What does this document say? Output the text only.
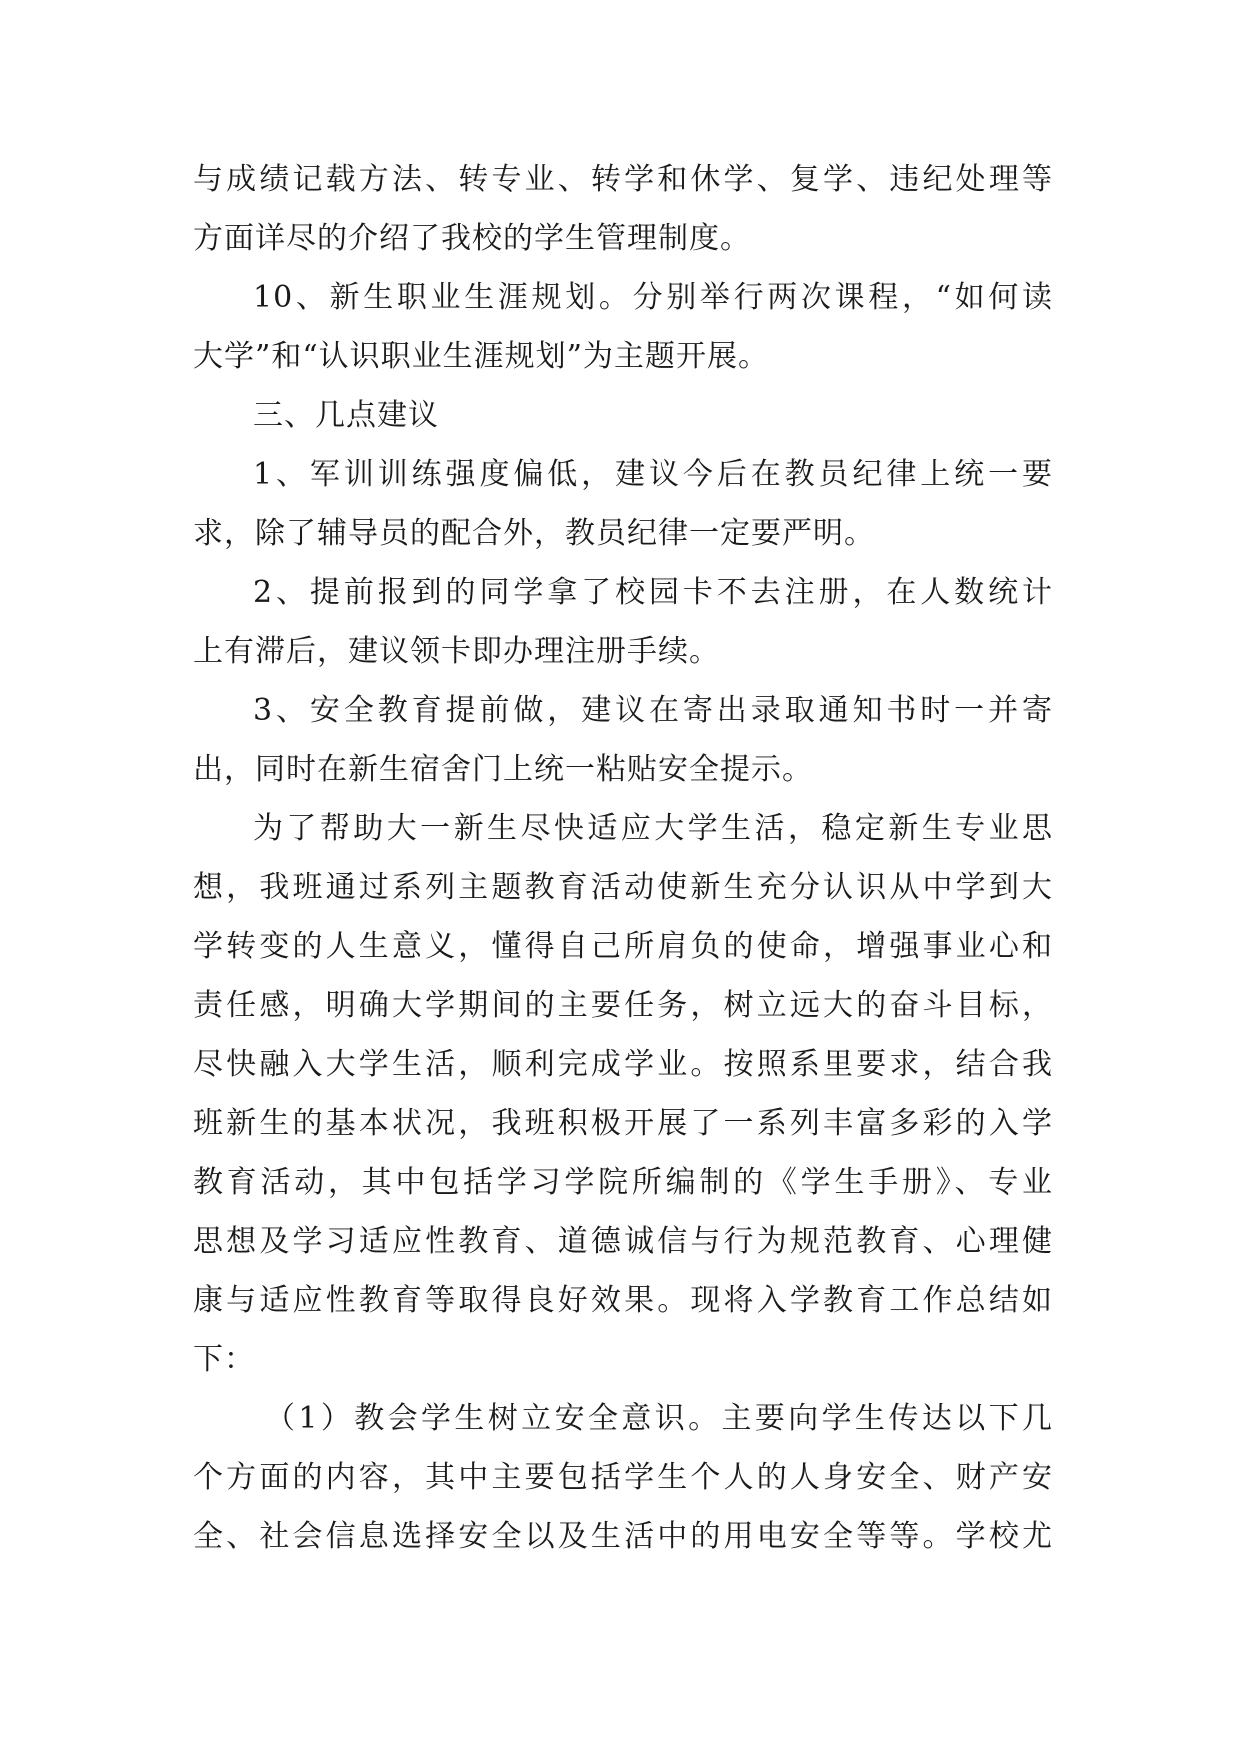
与成绩记载方法、转专业、转学和休学、复学、违纪处理等
方面详尽的介绍了我校的学生管理制度。
10、新生职业生涯规划。分别举行两次课程，“如何读
大学”和“认识职业生涯规划”为主题开展。
三、几点建议
1、军训训练强度偏低，建议今后在教员纪律上统一要
求，除了辅导员的配合外，教员纪律一定要严明。
2、提前报到的同学拿了校园卡不去注册，在人数统计
上有滞后，建议领卡即办理注册手续。
3、安全教育提前做，建议在寄出录取通知书时一并寄
出，同时在新生宿舍门上统一粘贴安全提示。
为了帮助大一新生尽快适应大学生活，稳定新生专业思
想，我班通过系列主题教育活动使新生充分认识从中学到大
学转变的人生意义，懂得自己所肩负的使命，增强事业心和
责任感，明确大学期间的主要任务，树立远大的奋斗目标，
尽快融入大学生活，顺利完成学业。按照系里要求，结合我
班新生的基本状况，我班积极开展了一系列丰富多彩的入学
教育活动，其中包括学习学院所编制的《学生手册》、专业
思想及学习适应性教育、道德诚信与行为规范教育、心理健
康与适应性教育等取得良好效果。现将入学教育工作总结如
下：
（1）教会学生树立安全意识。主要向学生传达以下几
个方面的内容，其中主要包括学生个人的人身安全、财产安
全、社会信息选择安全以及生活中的用电安全等等。学校尤
